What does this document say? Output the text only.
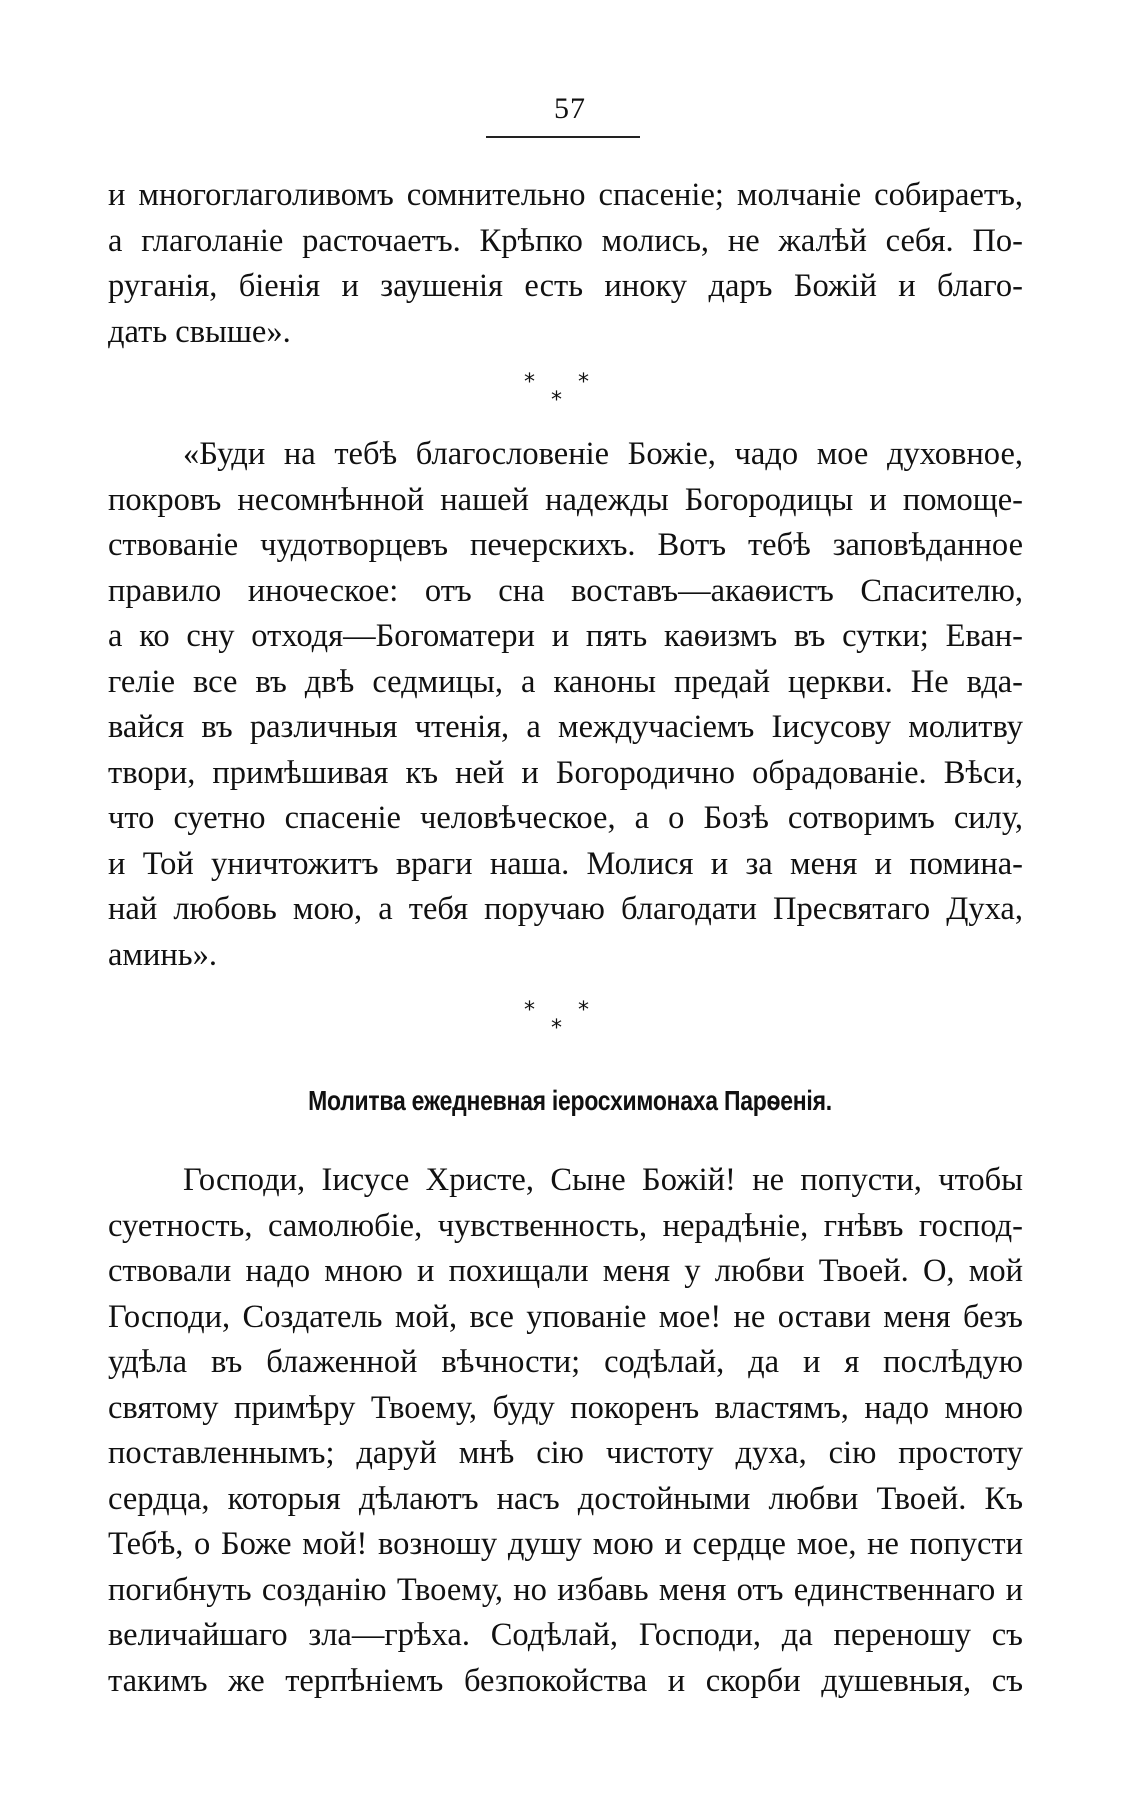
57
и многоглаголивомъ сомнительно спасеніе; молчаніе собираетъ,
а глаголаніе расточаетъ. Крѣпко молись, не жалѣй себя. По-
руганія, біенія и заушенія есть иноку даръ Божій и благо-
дать свыше».
* *
*
«Буди на тебѣ благословеніе Божіе, чадо мое духовное,
покровъ несомнѣнной нашей надежды Богородицы и помоще-
ствованіе чудотворцевъ печерскихъ. Вотъ тебѣ заповѣданное
правило иноческое: отъ сна воставъ—акаѳистъ Спасителю,
а ко сну отходя—Богоматери и пять каѳизмъ въ сутки; Еван-
геліе все въ двѣ седмицы, а каноны предай церкви. Не вда-
вайся въ различныя чтенія, а междучасіемъ Іисусову молитву
твори, примѣшивая къ ней и Богородично обрадованіе. Вѣси,
что суетно спасеніе человѣческое, а о Бозѣ сотворимъ силу,
и Той уничтожитъ враги наша. Молися и за меня и помина-
най любовь мою, а тебя поручаю благодати Пресвятаго Духа,
аминь».
* *
*
Молитва ежедневная іеросхимонаха Парѳенія.
Господи, Іисусе Христе, Сыне Божій! не попусти, чтобы
суетность, самолюбіе, чувственность, нерадѣніе, гнѣвъ господ-
ствовали надо мною и похищали меня у любви Твоей. О, мой
Господи, Создатель мой, все упованіе мое! не остави меня безъ
удѣла въ блаженной вѣчности; содѣлай, да и я послѣдую
святому примѣру Твоему, буду покоренъ властямъ, надо мною
поставленнымъ; даруй мнѣ сію чистоту духа, сію простоту
сердца, которыя дѣлаютъ насъ достойными любви Твоей. Къ
Тебѣ, о Боже мой! возношу душу мою и сердце мое, не попусти
погибнуть созданію Твоему, но избавь меня отъ единственнаго и
величайшаго зла—грѣха. Содѣлай, Господи, да переношу съ
такимъ же терпѣніемъ безпокойства и скорби душевныя, съ
